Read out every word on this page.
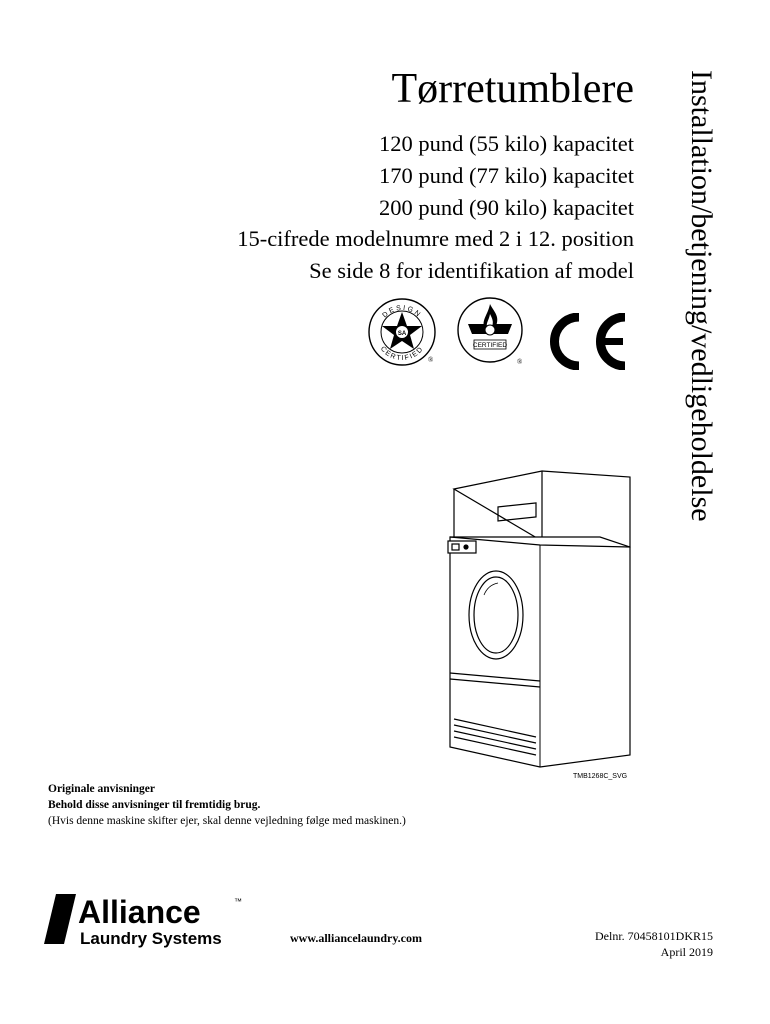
Tørretumblere
120 pund (55 kilo) kapacitet
170 pund (77 kilo) kapacitet
200 pund (90 kilo) kapacitet
15-cifrede modelnumre med 2 i 12. position
Se side 8 for identifikation af model Installation/betjening/vedligeholdelse
SA
DESIGN
CERTIFIED
®
CERTIFIED
®
TMB1268C_SVG
Originale anvisninger
Behold disse anvisninger til fremtidig brug.
(Hvis denne maskine skifter ejer, skal denne vejledning følge med maskinen.)
Alliance	™
Laundry Systems	www.alliancelaundry.com	Delnr. 70458101DKR15
April 2019
